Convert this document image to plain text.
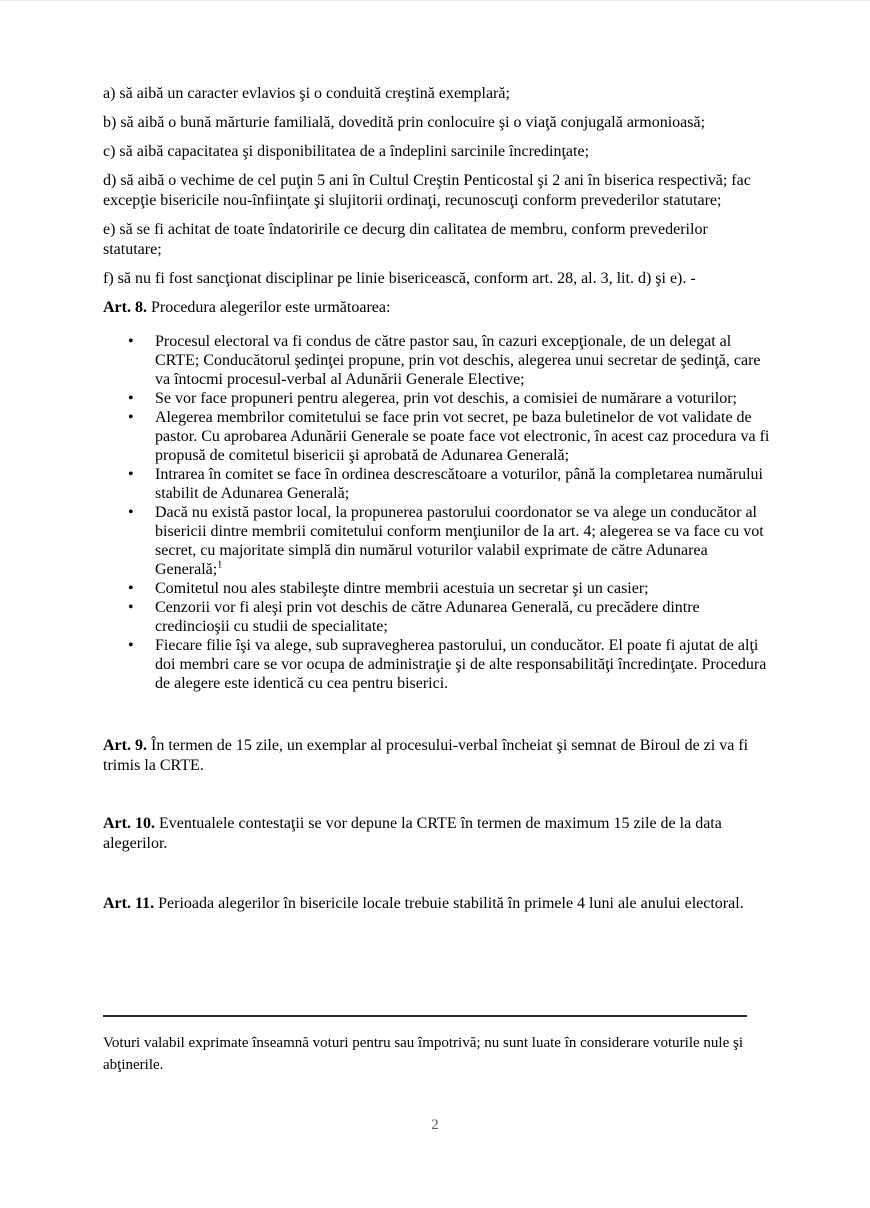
a) să aibă un caracter evlavios şi o conduită creştină exemplară;

b) să aibă o bună mărturie familială, dovedită prin conlocuire şi o viaţă conjugală armonioasă;

c) să aibă capacitatea şi disponibilitatea de a îndeplini sarcinile încredinţate;

d) să aibă o vechime de cel puţin 5 ani în Cultul Creştin Penticostal şi 2 ani în biserica respectivă; fac excepţie bisericile nou-înfiinţate şi slujitorii ordinaţi, recunoscuţi conform prevederilor statutare;

e) să se fi achitat de toate îndatoririle ce decurg din calitatea de membru, conform prevederilor statutare;

f) să nu fi fost sancţionat disciplinar pe linie bisericească, conform art. 28, al. 3, lit. d) şi e). -

Art. 8. Procedura alegerilor este următoarea:

• Procesul electoral va fi condus de către pastor sau, în cazuri excepţionale, de un delegat al CRTE; Conducătorul şedinţei propune, prin vot deschis, alegerea unui secretar de şedinţă, care va întocmi procesul-verbal al Adunării Generale Elective;
• Se vor face propuneri pentru alegerea, prin vot deschis, a comisiei de numărare a voturilor;
• Alegerea membrilor comitetului se face prin vot secret, pe baza buletinelor de vot validate de pastor. Cu aprobarea Adunării Generale se poate face vot electronic, în acest caz procedura va fi propusă de comitetul bisericii şi aprobată de Adunarea Generală;
• Intrarea în comitet se face în ordinea descrescătoare a voturilor, până la completarea numărului stabilit de Adunarea Generală;
• Dacă nu există pastor local, la propunerea pastorului coordonator se va alege un conducător al bisericii dintre membrii comitetului conform menţiunilor de la art. 4; alegerea se va face cu vot secret, cu majoritate simplă din numărul voturilor valabil exprimate de către Adunarea Generală;$^1$
• Comitetul nou ales stabileşte dintre membrii acestuia un secretar şi un casier;
• Cenzorii vor fi aleşi prin vot deschis de către Adunarea Generală, cu precădere dintre credincioşii cu studii de specialitate;
• Fiecare filie îşi va alege, sub supravegherea pastorului, un conducător. El poate fi ajutat de alţi doi membri care se vor ocupa de administraţie şi de alte responsabilităţi încredinţate. Procedura de alegere este identică cu cea pentru biserici.

Art. 9. În termen de 15 zile, un exemplar al procesului-verbal încheiat şi semnat de Biroul de zi va fi trimis la CRTE.

Art. 10. Eventualele contestaţii se vor depune la CRTE în termen de maximum 15 zile de la data alegerilor.

Art. 11. Perioada alegerilor în bisericile locale trebuie stabilită în primele 4 luni ale anului electoral.

Voturi valabil exprimate înseamnă voturi pentru sau împotrivă; nu sunt luate în considerare voturile nule şi abţinerile.

2
